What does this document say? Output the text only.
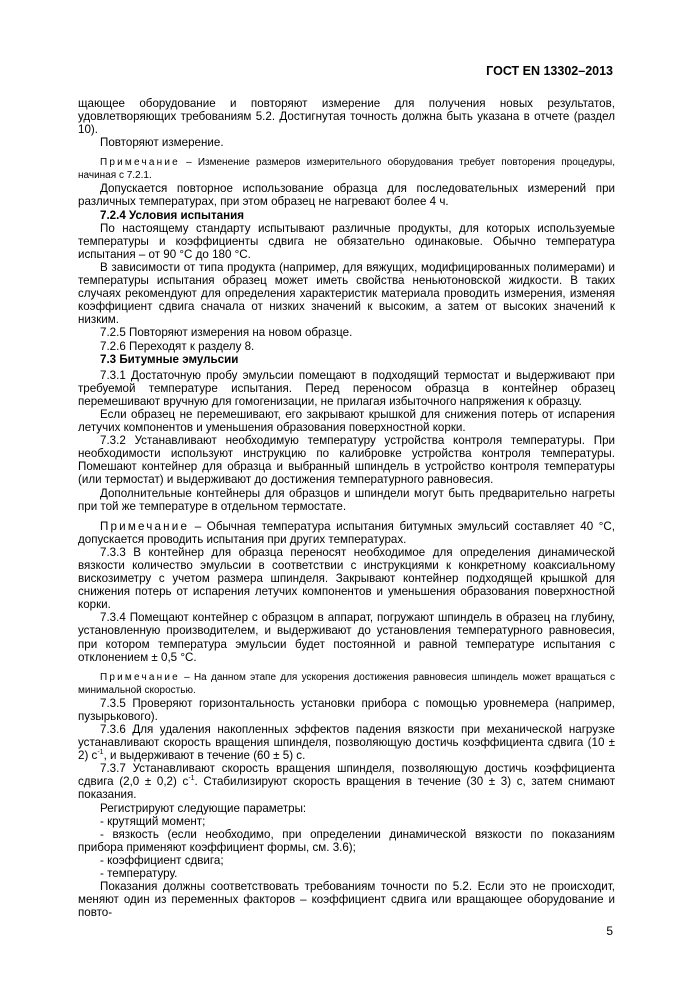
ГОСТ EN 13302–2013

щающее оборудование и повторяют измерение для получения новых результатов, удовлетворяющих требованиям 5.2. Достигнутая точность должна быть указана в отчете (раздел 10).

Повторяют измерение.

Примечание – Изменение размеров измерительного оборудования требует повторения процедуры, начиная с 7.2.1.

Допускается повторное использование образца для последовательных измерений при различных температурах, при этом образец не нагревают более 4 ч.

7.2.4 Условия испытания

По настоящему стандарту испытывают различные продукты, для которых используемые температуры и коэффициенты сдвига не обязательно одинаковые. Обычно температура испытания – от 90 °С до 180 °С.

В зависимости от типа продукта (например, для вяжущих, модифицированных полимерами) и температуры испытания образец может иметь свойства неньютоновской жидкости. В таких случаях рекомендуют для определения характеристик материала проводить измерения, изменяя коэффициент сдвига сначала от низких значений к высоким, а затем от высоких значений к низким.

7.2.5 Повторяют измерения на новом образце.

7.2.6 Переходят к разделу 8.

7.3 Битумные эмульсии

7.3.1 Достаточную пробу эмульсии помещают в подходящий термостат и выдерживают при требуемой температуре испытания. Перед переносом образца в контейнер образец перемешивают вручную для гомогенизации, не прилагая избыточного напряжения к образцу.

Если образец не перемешивают, его закрывают крышкой для снижения потерь от испарения летучих компонентов и уменьшения образования поверхностной корки.

7.3.2 Устанавливают необходимую температуру устройства контроля температуры. При необходимости используют инструкцию по калибровке устройства контроля температуры. Помешают контейнер для образца и выбранный шпиндель в устройство контроля температуры (или термостат) и выдерживают до достижения температурного равновесия.

Дополнительные контейнеры для образцов и шпиндели могут быть предварительно нагреты при той же температуре в отдельном термостате.

Примечание – Обычная температура испытания битумных эмульсий составляет 40 °С, допускается проводить испытания при других температурах.

7.3.3 В контейнер для образца переносят необходимое для определения динамической вязкости количество эмульсии в соответствии с инструкциями к конкретному коаксиальному вискозиметру с учетом размера шпинделя. Закрывают контейнер подходящей крышкой для снижения потерь от испарения летучих компонентов и уменьшения образования поверхностной корки.

7.3.4 Помещают контейнер с образцом в аппарат, погружают шпиндель в образец на глубину, установленную производителем, и выдерживают до установления температурного равновесия, при котором температура эмульсии будет постоянной и равной температуре испытания с отклонением ± 0,5 °С.

Примечание – На данном этапе для ускорения достижения равновесия шпиндель может вращаться с минимальной скоростью.

7.3.5 Проверяют горизонтальность установки прибора с помощью уровнемера (например, пузырькового).

7.3.6 Для удаления накопленных эффектов падения вязкости при механической нагрузке устанавливают скорость вращения шпинделя, позволяющую достичь коэффициента сдвига (10 ± 2) $с^{-1}$, и выдерживают в течение (60 ± 5) с.

7.3.7 Устанавливают скорость вращения шпинделя, позволяющую достичь коэффициента сдвига (2,0 ± 0,2) $с^{-1}$. Стабилизируют скорость вращения в течение (30 ± 3) с, затем снимают показания.

Регистрируют следующие параметры:

- крутящий момент;

- вязкость (если необходимо, при определении динамической вязкости по показаниям прибора применяют коэффициент формы, см. 3.6);

- коэффициент сдвига;

- температуру.

Показания должны соответствовать требованиям точности по 5.2. Если это не происходит, меняют один из переменных факторов – коэффициент сдвига или вращающее оборудование и повто-

5
